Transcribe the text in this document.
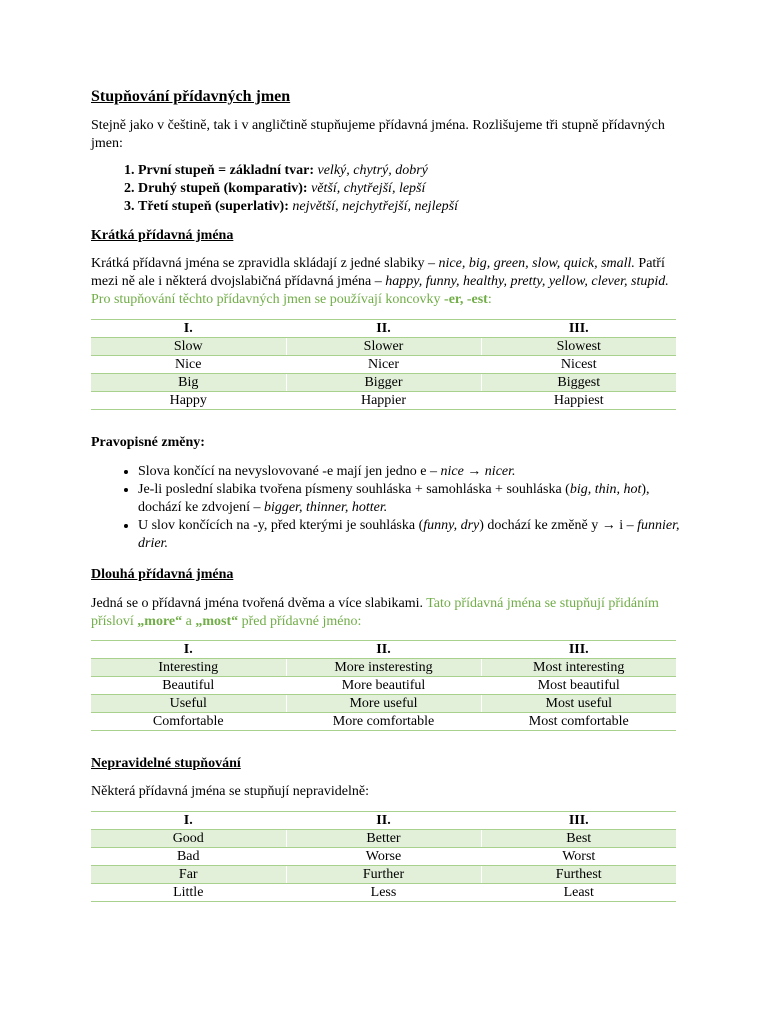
Stupňování přídavných jmen

Stejně jako v češtině, tak i v angličtině stupňujeme přídavná jména. Rozlišujeme tři stupně přídavných jmen:

1. První stupeň = základní tvar: velký, chytrý, dobrý
2. Druhý stupeň (komparativ): větší, chytřejší, lepší
3. Třetí stupeň (superlativ): největší, nejchytřejší, nejlepší
Krátká přídavná jména

Krátká přídavná jména se zpravidla skládají z jedné slabiky – nice, big, green, slow, quick, small. Patří mezi ně ale i některá dvojslabičná přídavná jména – happy, funny, healthy, pretty, yellow, clever, stupid. Pro stupňování těchto přídavných jmen se používají koncovky -er, -est:

I.	II.	III.
Slow	Slower	Slowest
Nice	Nicer	Nicest
Big	Bigger	Biggest
Happy	Happier	Happiest

Pravopisné změny:

• Slova končící na nevyslovované -e mají jen jedno e – nice → nicer.
• Je-li poslední slabika tvořena písmeny souhláska + samohláska + souhláska (big, thin, hot), dochází ke zdvojení – bigger, thinner, hotter.
• U slov končících na -y, před kterými je souhláska (funny, dry) dochází ke změně y → i – funnier, drier.
Dlouhá přídavná jména

Jedná se o přídavná jména tvořená dvěma a více slabikami. Tato přídavná jména se stupňují přidáním přísloví „more“ a „most“ před přídavné jméno:

I.	II.	III.
Interesting	More insteresting	Most interesting
Beautiful	More beautiful	Most beautiful
Useful	More useful	Most useful
Comfortable	More comfortable	Most comfortable
Nepravidelné stupňování

Některá přídavná jména se stupňují nepravidelně:

I.	II.	III.
Good	Better	Best
Bad	Worse	Worst
Far	Further	Furthest
Little	Less	Least
